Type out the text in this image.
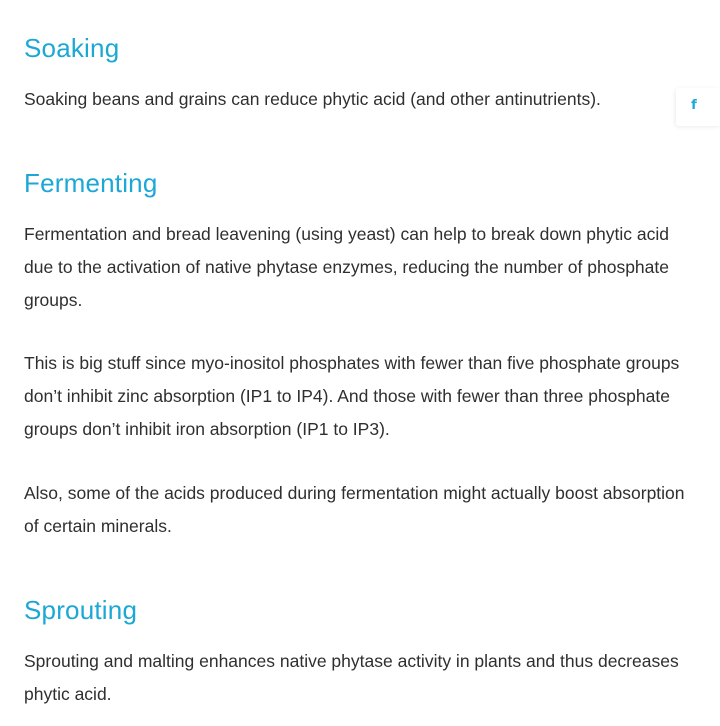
Soaking

Soaking beans and grains can reduce phytic acid (and other antinutrients).

Fermenting

Fermentation and bread leavening (using yeast) can help to break down phytic acid due to the activation of native phytase enzymes, reducing the number of phosphate groups.

This is big stuff since myo-inositol phosphates with fewer than five phosphate groups don’t inhibit zinc absorption (IP1 to IP4). And those with fewer than three phosphate groups don’t inhibit iron absorption (IP1 to IP3).

Also, some of the acids produced during fermentation might actually boost absorption of certain minerals.

Sprouting

Sprouting and malting enhances native phytase activity in plants and thus decreases phytic acid.

f
